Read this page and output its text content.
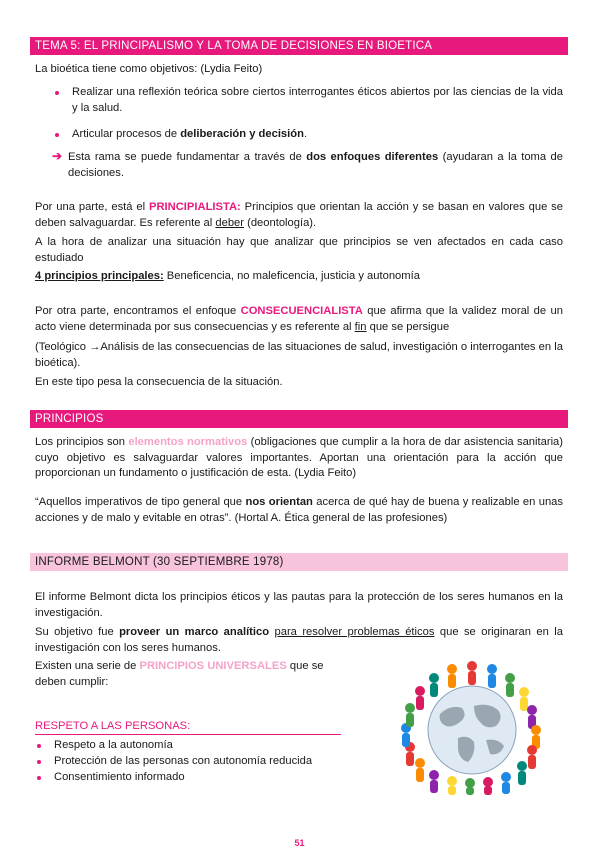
TEMA 5: EL PRINCIPALISMO Y LA TOMA DE DECISIONES EN BIOETICA
La bioética tiene como objetivos: (Lydia Feito)
Realizar una reflexión teórica sobre ciertos interrogantes éticos abiertos por las ciencias de la vida y la salud.
Articular procesos de deliberación y decisión.
➔ Esta rama se puede fundamentar a través de dos enfoques diferentes (ayudaran a la toma de decisiones.
Por una parte, está el PRINCIPIALISTA: Principios que orientan la acción y se basan en valores que se deben salvaguardar. Es referente al deber (deontología).
A la hora de analizar una situación hay que analizar que principios se ven afectados en cada caso estudiado
4 principios principales: Beneficencia, no maleficencia, justicia y autonomía
Por otra parte, encontramos el enfoque CONSECUENCIALISTA que afirma que la validez moral de un acto viene determinada por sus consecuencias y es referente al fin que se persigue
(Teológico →Análisis de las consecuencias de las situaciones de salud, investigación o interrogantes en la bioética).
En este tipo pesa la consecuencia de la situación.
PRINCIPIOS
Los principios son elementos normativos (obligaciones que cumplir a la hora de dar asistencia sanitaria) cuyo objetivo es salvaguardar valores importantes. Aportan una orientación para la acción que proporcionan un fundamento o justificación de esta. (Lydia Feito)
“Aquellos imperativos de tipo general que nos orientan acerca de qué hay de buena y realizable en unas acciones y de malo y evitable en otras”. (Hortal A. Ética general de las profesiones)
INFORME BELMONT (30 SEPTIEMBRE 1978)
El informe Belmont dicta los principios éticos y las pautas para la protección de los seres humanos en la investigación.
Su objetivo fue proveer un marco analítico para resolver problemas éticos que se originaran en la investigación con los seres humanos.
Existen una serie de PRINCIPIOS UNIVERSALES que se deben cumplir:
RESPETO A LAS PERSONAS:
Respeto a la autonomía
Protección de las personas con autonomía reducida
Consentimiento informado
51
